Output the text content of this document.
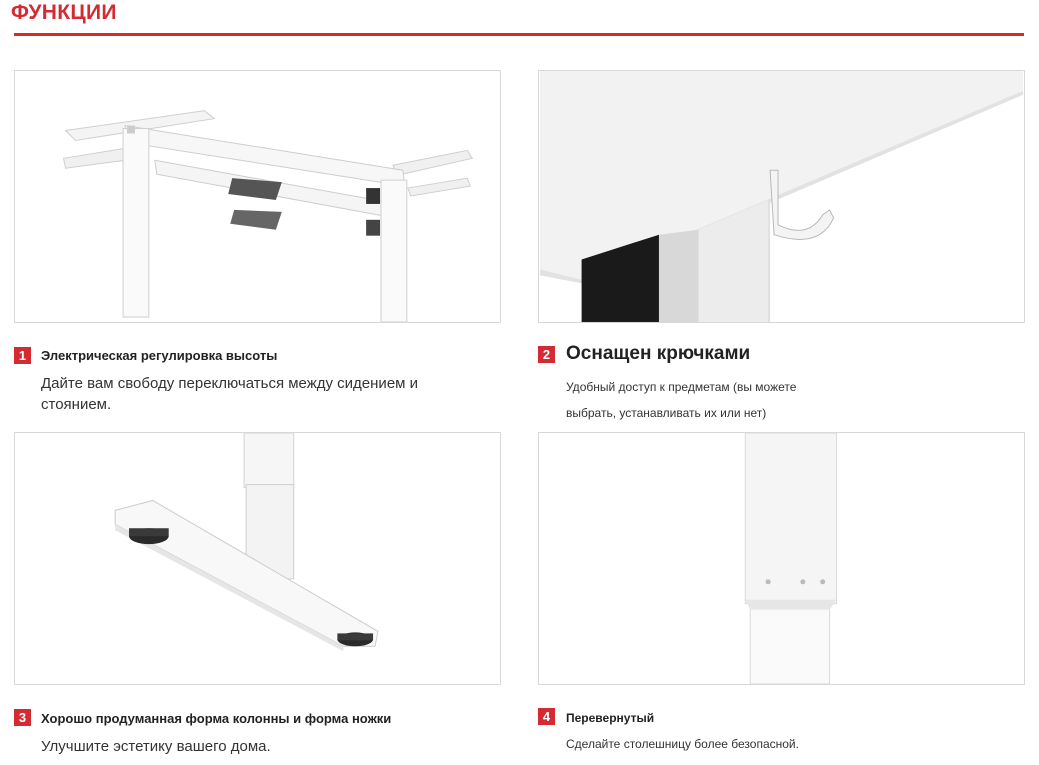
ФУНКЦИИ
1	Электрическая регулировка высоты
Дайте вам свободу переключаться между сидением и стоянием.
2 Оснащен крючками
Удобный доступ к предметам (вы можете выбрать, устанавливать их или нет)
3	Хорошо продуманная форма колонны и форма ножки
Улучшите эстетику вашего дома.
4	Перевернутый
Сделайте столешницу более безопасной.
